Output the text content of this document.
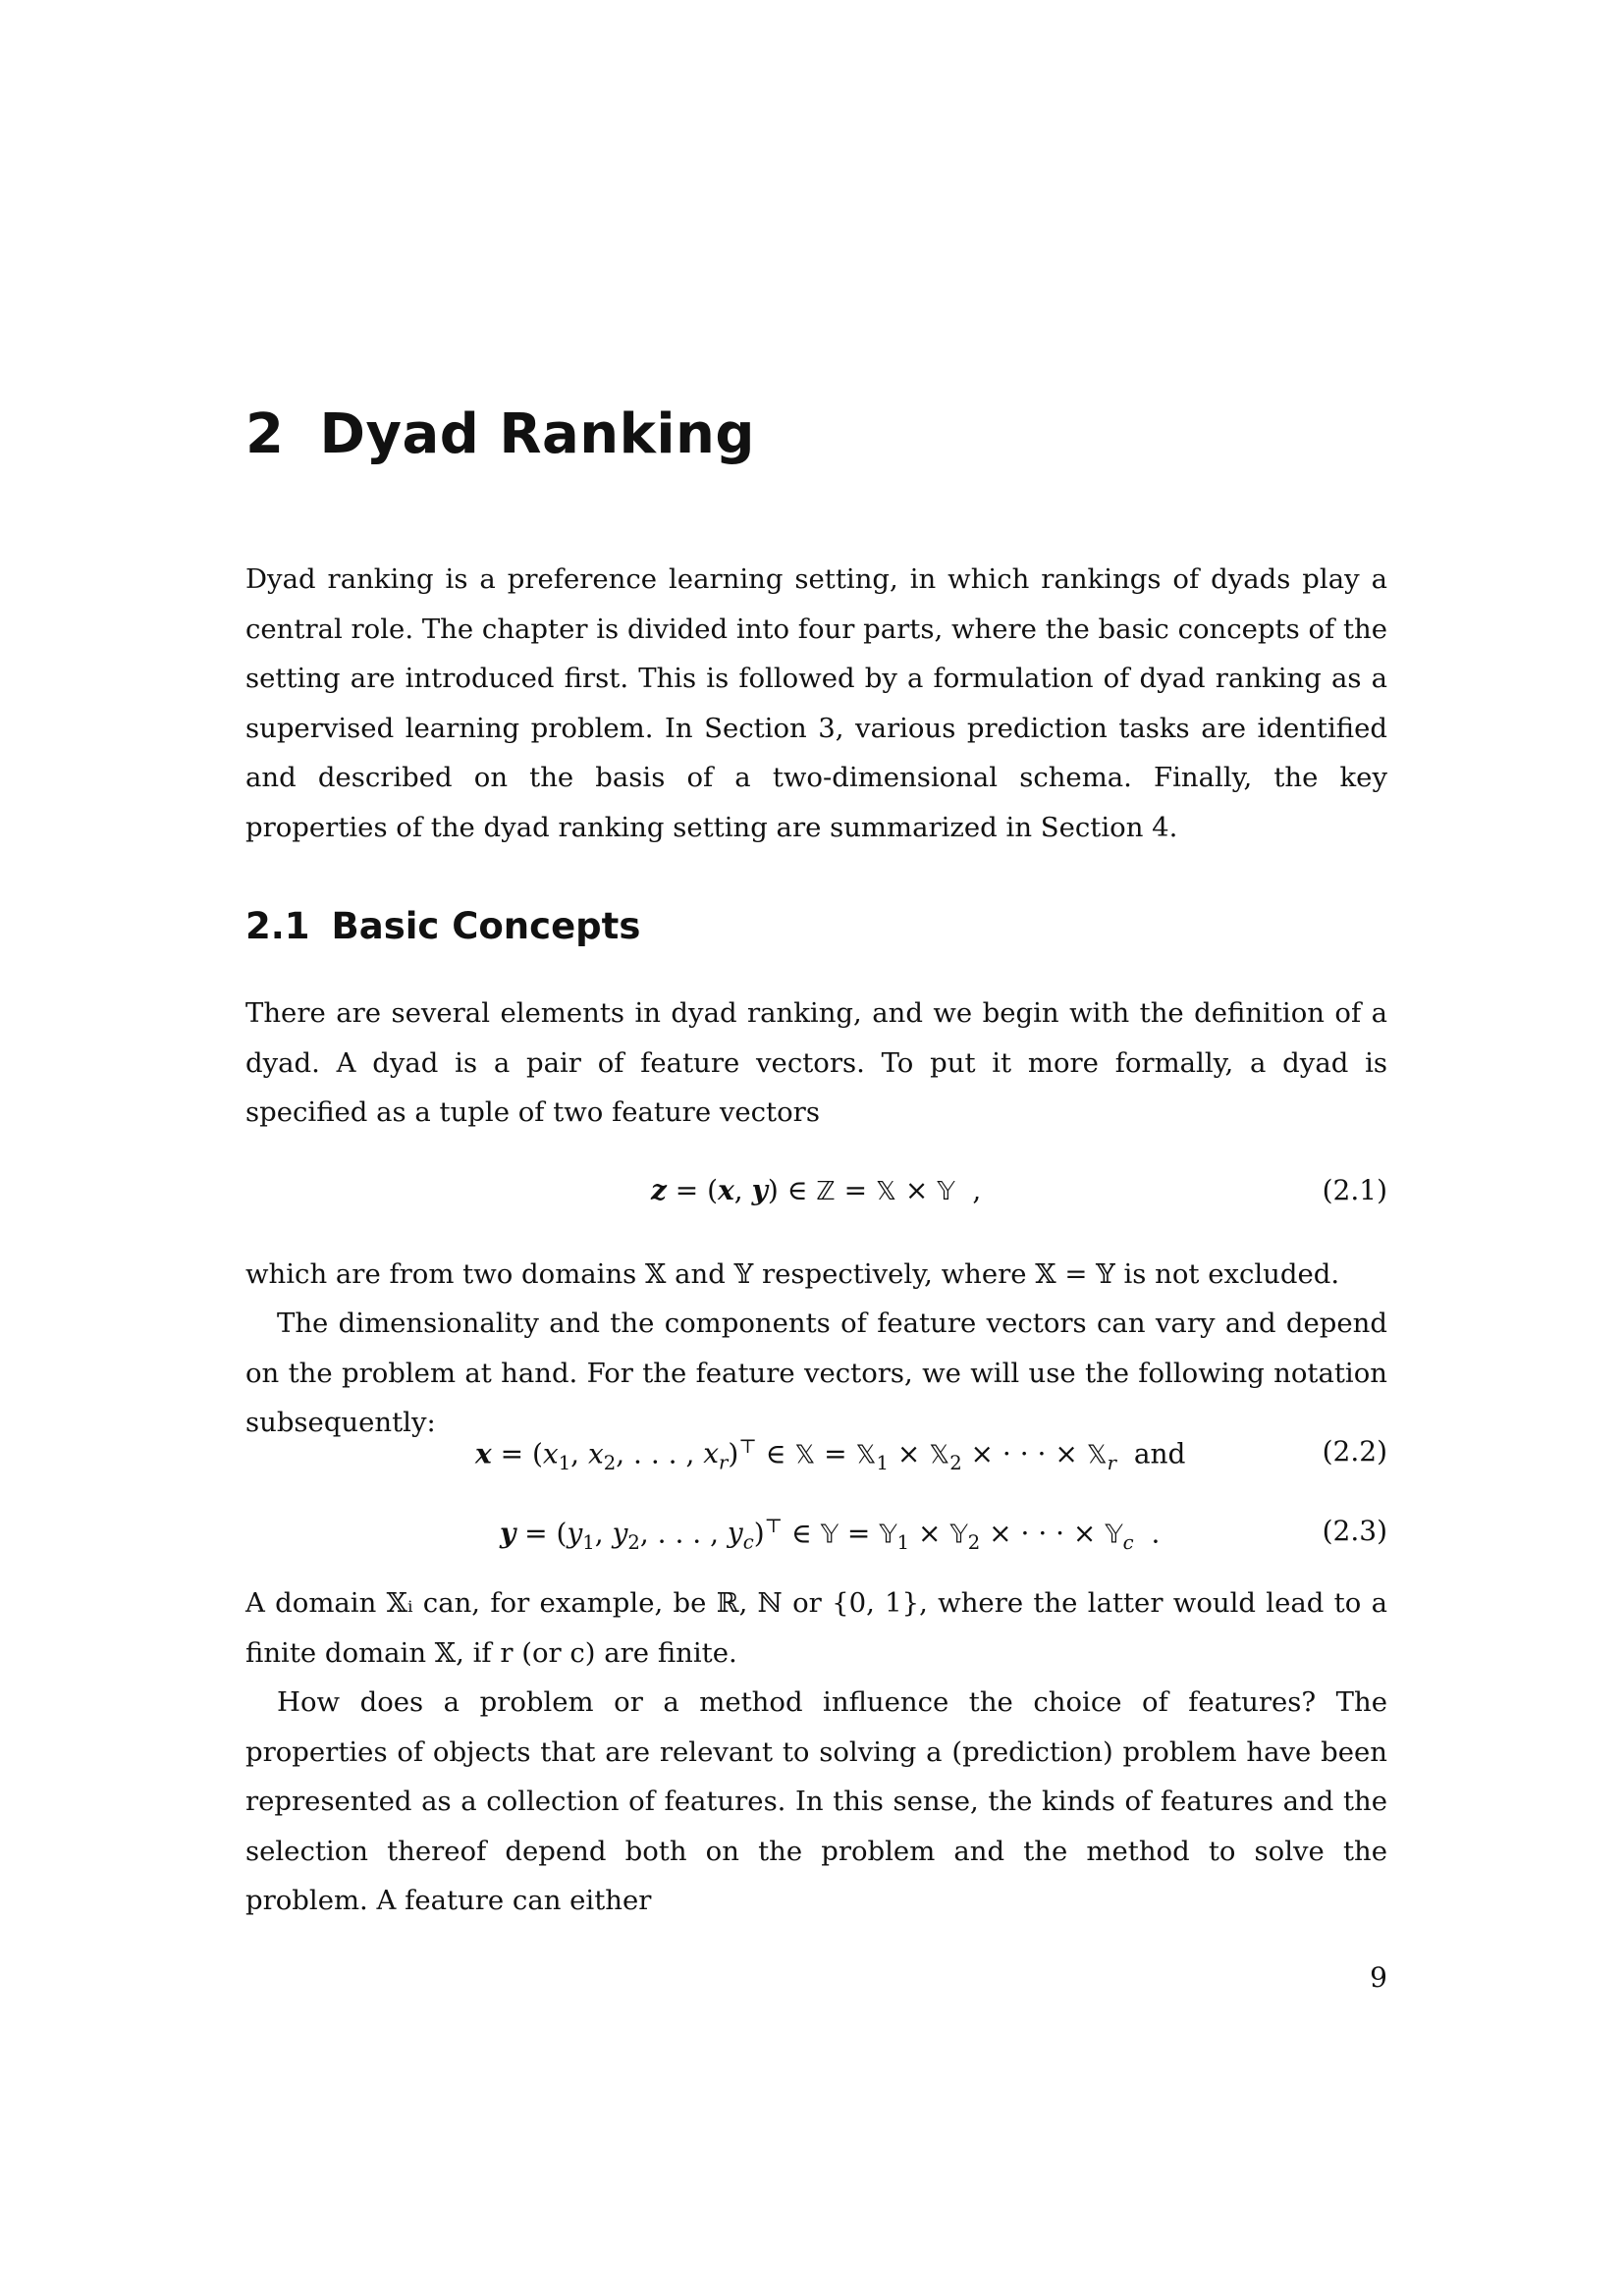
2 Dyad Ranking

Dyad ranking is a preference learning setting, in which rankings of dyads play a central role. The chapter is divided into four parts, where the basic concepts of the setting are introduced first. This is followed by a formulation of dyad ranking as a supervised learning problem. In Section 3, various prediction tasks are identified and described on the basis of a two-dimensional schema. Finally, the key properties of the dyad ranking setting are summarized in Section 4.

2.1 Basic Concepts

There are several elements in dyad ranking, and we begin with the definition of a dyad. A dyad is a pair of feature vectors. To put it more formally, a dyad is specified as a tuple of two feature vectors

z = (x, y) ∈ ℤ = 𝕏 × 𝕐  ,	(2.1)

which are from two domains 𝕏 and 𝕐 respectively, where 𝕏 = 𝕐 is not excluded.

The dimensionality and the components of feature vectors can vary and depend on the problem at hand. For the feature vectors, we will use the following notation subsequently:

$x = (x_1$, $x_2$, . . . , $x_r)^⊤$ ∈ 𝕏 = 𝕏$_1$ × 𝕏$_2$ × · · · × 𝕏$_r$ and	(2.2)
$y = (y_1$, $y_2$, . . . , $y_c)^⊤$ ∈ 𝕐 = 𝕐$_1$ × 𝕐$_2$ × · · · × 𝕐$_c$  .	(2.3)

A domain 𝕏ᵢ can, for example, be ℝ, ℕ or {0, 1}, where the latter would lead to a finite domain 𝕏, if r (or c) are finite.

How does a problem or a method influence the choice of features? The properties of objects that are relevant to solving a (prediction) problem have been represented as a collection of features. In this sense, the kinds of features and the selection thereof depend both on the problem and the method to solve the problem. A feature can either

9
